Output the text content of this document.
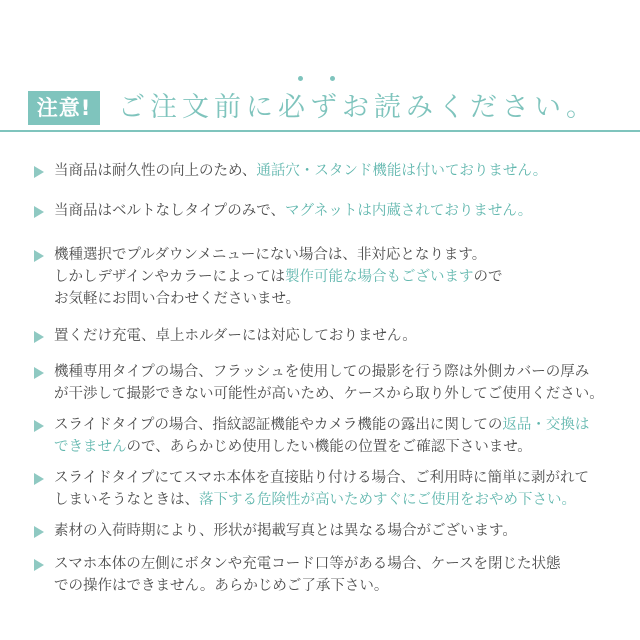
注意! ご注文前に必ずお読みください。
当商品は耐久性の向上のため、通話穴・スタンド機能は付いておりません。
当商品はベルトなしタイプのみで、マグネットは内蔵されておりません。
機種選択でプルダウンメニューにない場合は、非対応となります。
しかしデザインやカラーによっては製作可能な場合もございますので
お気軽にお問い合わせくださいませ。
置くだけ充電、卓上ホルダーには対応しておりません。
機種専用タイプの場合、フラッシュを使用しての撮影を行う際は外側カバーの厚み
が干渉して撮影できない可能性が高いため、ケースから取り外してご使用ください。
スライドタイプの場合、指紋認証機能やカメラ機能の露出に関しての返品・交換は
できませんので、あらかじめ使用したい機能の位置をご確認下さいませ。
スライドタイプにてスマホ本体を直接貼り付ける場合、ご利用時に簡単に剥がれて
しまいそうなときは、落下する危険性が高いためすぐにご使用をおやめ下さい。
素材の入荷時期により、形状が掲載写真とは異なる場合がございます。
スマホ本体の左側にボタンや充電コード口等がある場合、ケースを閉じた状態
での操作はできません。あらかじめご了承下さい。
